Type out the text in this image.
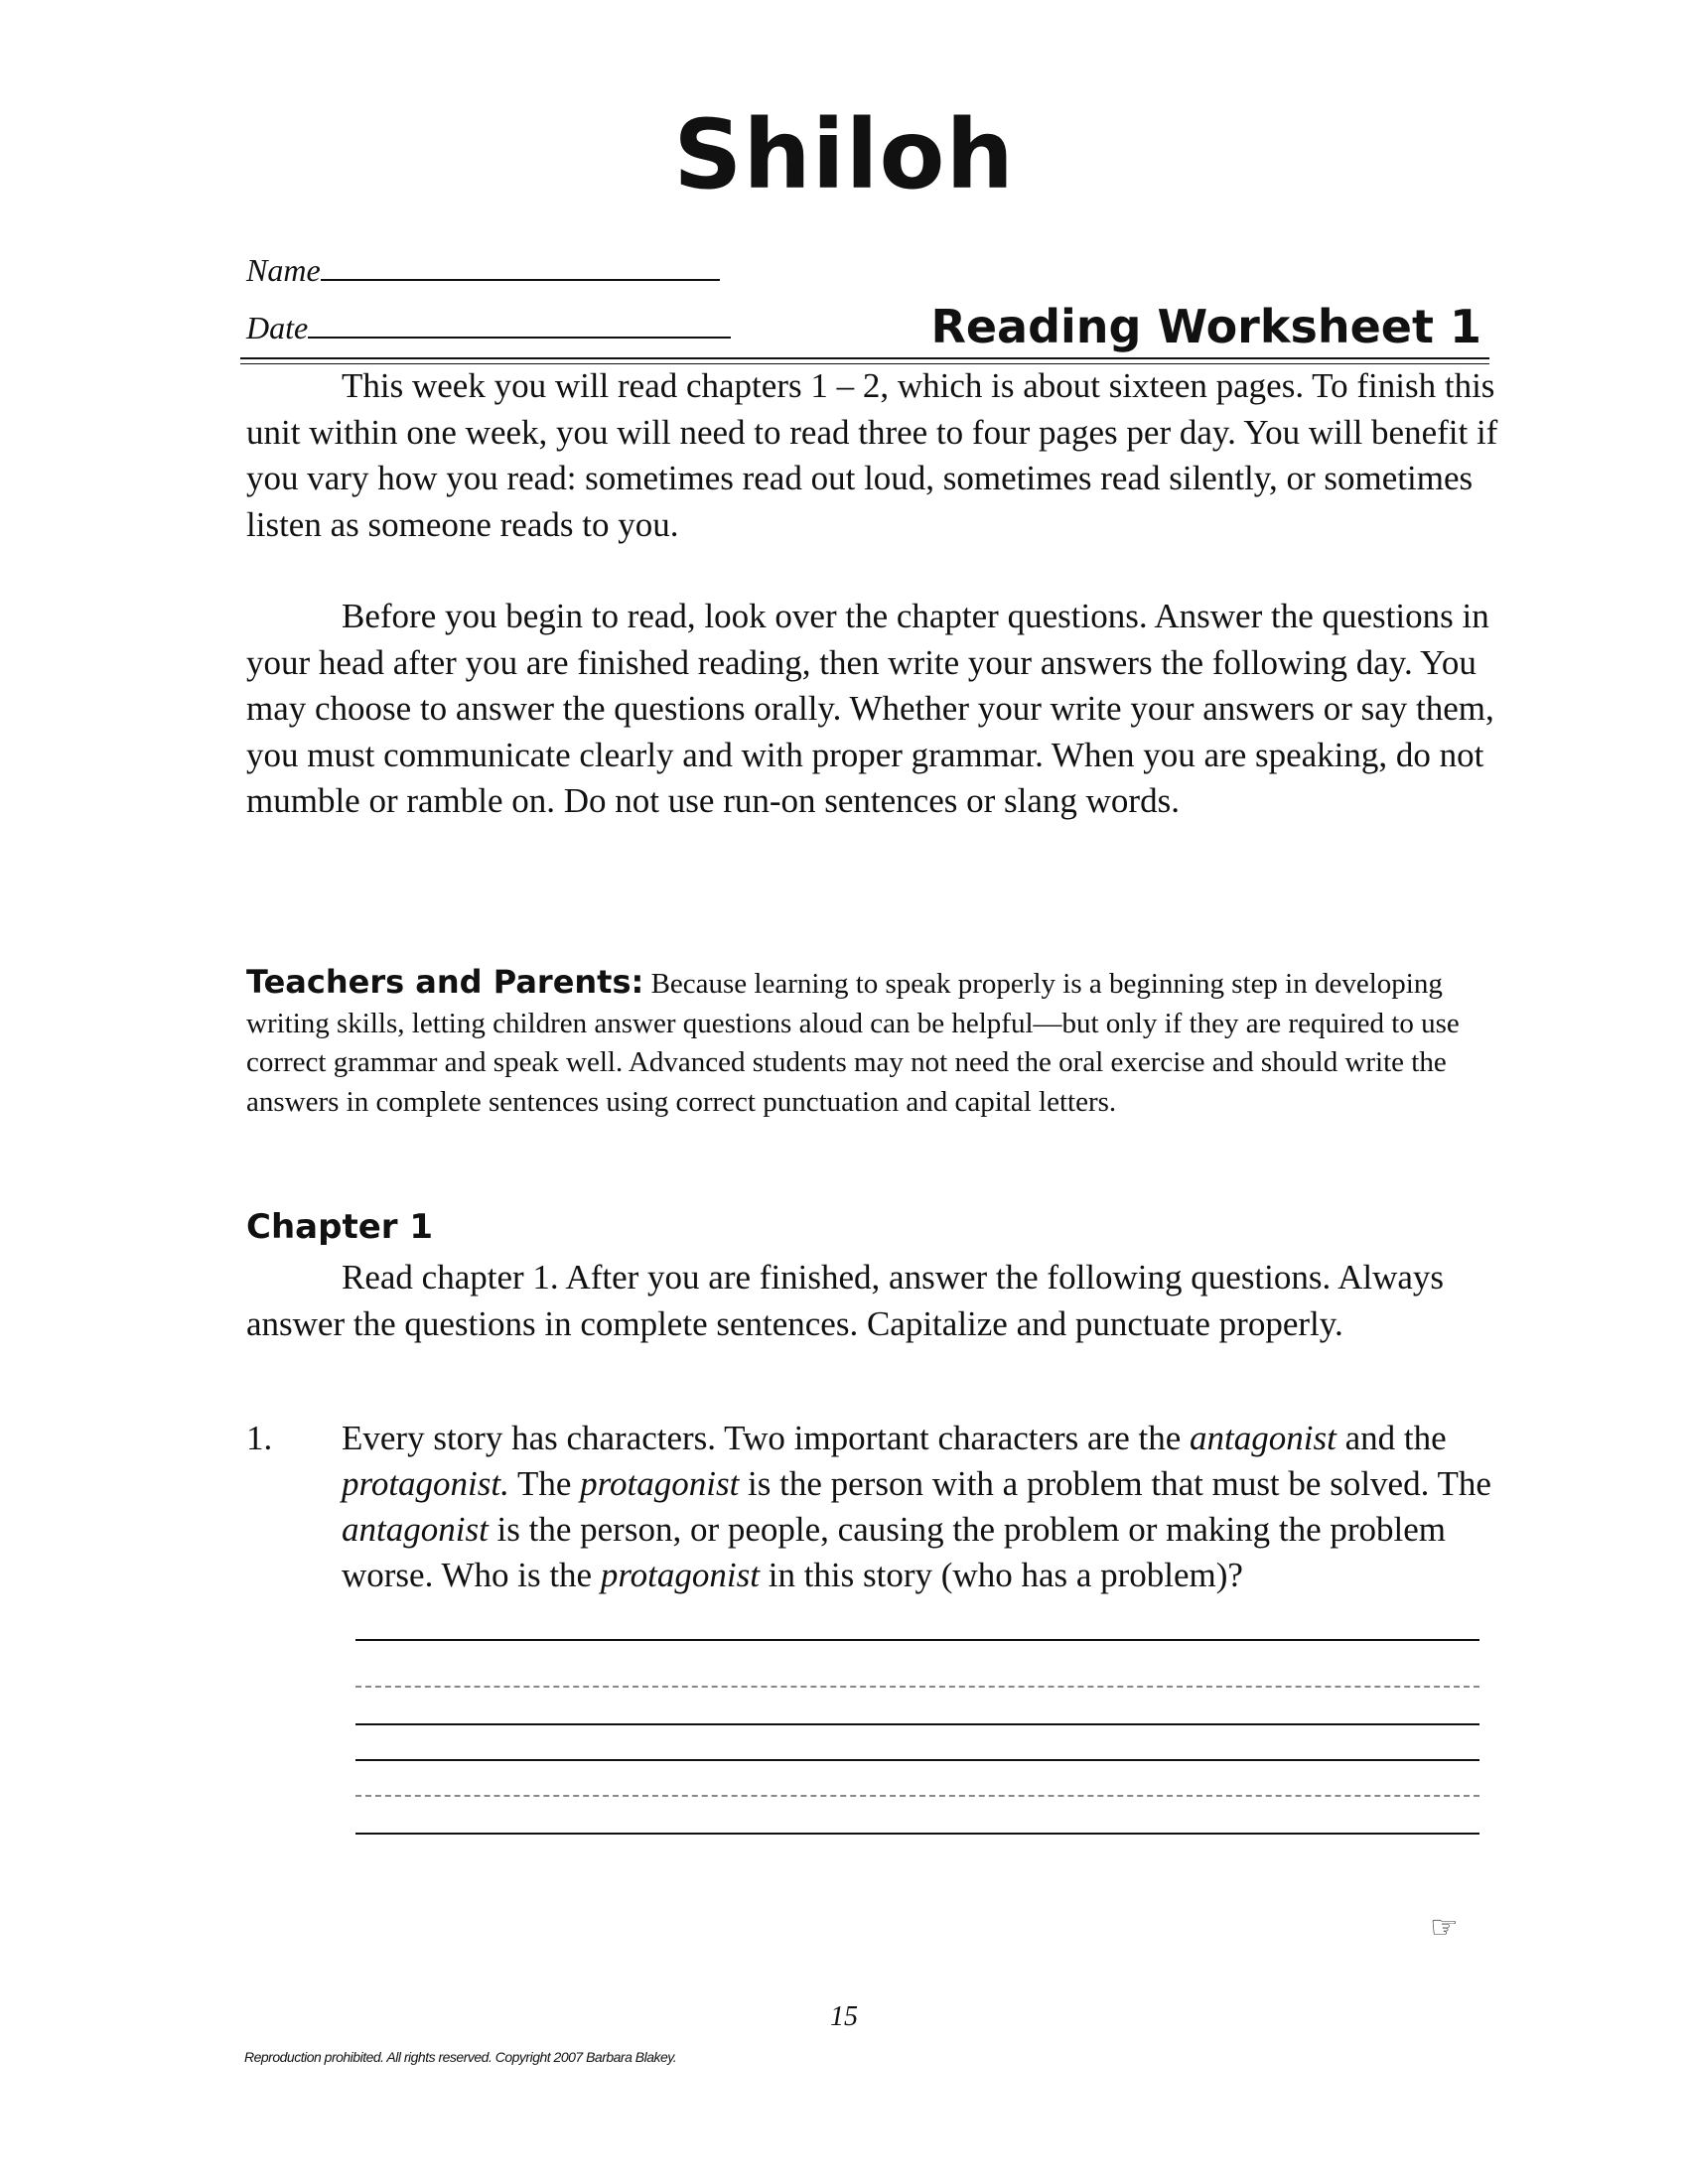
Shiloh
Name
Date	Reading Worksheet 1

This week you will read chapters 1 – 2, which is about sixteen pages. To finish this unit within one week, you will need to read three to four pages per day. You will benefit if you vary how you read: sometimes read out loud, sometimes read silently, or sometimes listen as someone reads to you.

Before you begin to read, look over the chapter questions. Answer the questions in your head after you are finished reading, then write your answers the following day. You may choose to answer the questions orally. Whether your write your answers or say them, you must communicate clearly and with proper grammar. When you are speaking, do not mumble or ramble on. Do not use run-on sentences or slang words.

Teachers and Parents: Because learning to speak properly is a beginning step in developing writing skills, letting children answer questions aloud can be helpful—but only if they are required to use correct grammar and speak well. Advanced students may not need the oral exercise and should write the answers in complete sentences using correct punctuation and capital letters.
Chapter 1

Read chapter 1. After you are finished, answer the following questions. Always answer the questions in complete sentences. Capitalize and punctuate properly.

1. Every story has characters. Two important characters are the antagonist and the protagonist. The protagonist is the person with a problem that must be solved. The antagonist is the person, or people, causing the problem or making the problem worse. Who is the protagonist in this story (who has a problem)?
☞
15
Reproduction prohibited. All rights reserved. Copyright 2007 Barbara Blakey.
